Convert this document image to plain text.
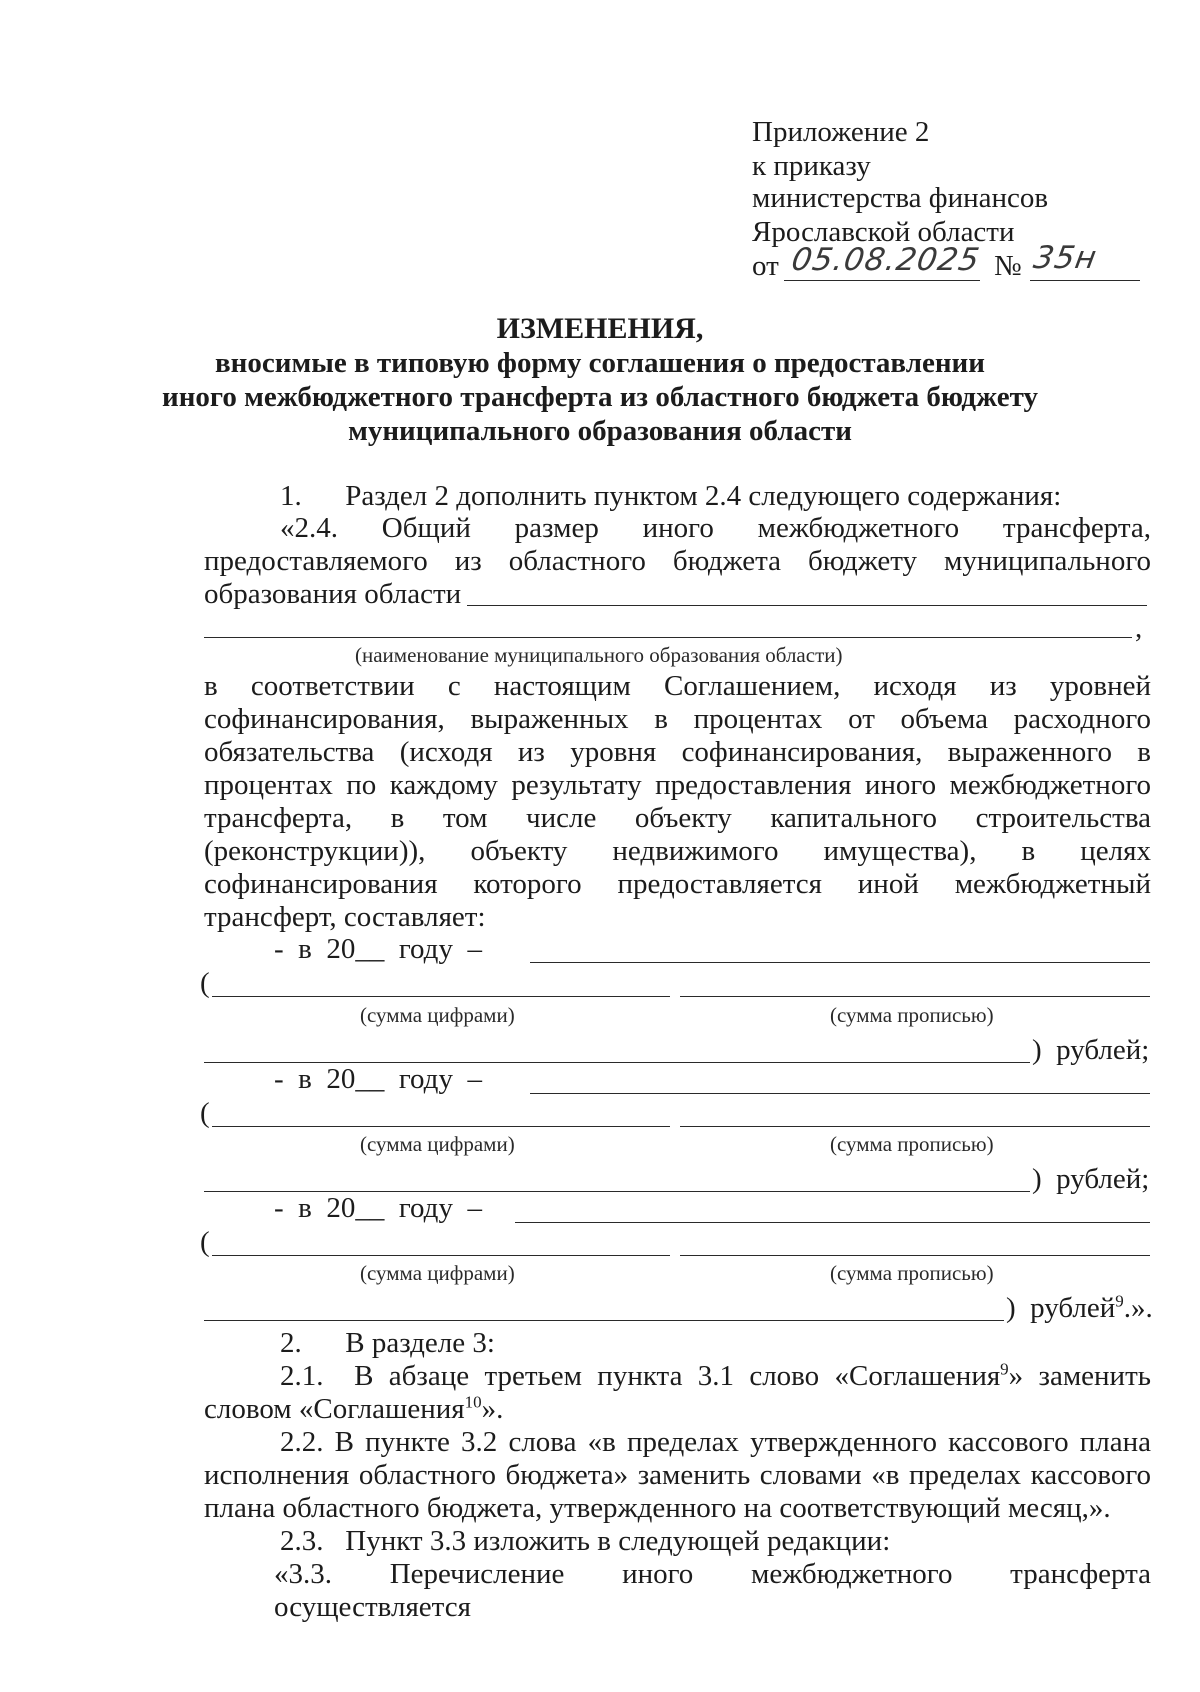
Приложение 2
к приказу
министерства финансов
Ярославской области
от 05.08.2025 № 35н
ИЗМЕНЕНИЯ,
вносимые в типовую форму соглашения о предоставлении
иного межбюджетного трансферта из областного бюджета бюджету
муниципального образования области
1.      Раздел 2 дополнить пунктом 2.4 следующего содержания:
«2.4. Общий размер иного межбюджетного трансферта,
предоставляемого из областного бюджета бюджету муниципального
образования области
,
(наименование муниципального образования области)
в соответствии с настоящим Соглашением, исходя из уровней
софинансирования, выраженных в процентах от объема расходного
обязательства (исходя из уровня софинансирования, выраженного в
процентах по каждому результату предоставления иного межбюджетного
трансферта, в том числе объекту капитального строительства
(реконструкции)), объекту недвижимого имущества), в целях
софинансирования которого предоставляется иной межбюджетный
трансферт, составляет:
-  в  20__  году  –
(
(сумма цифрами)	(сумма прописью)
)  рублей;
-  в  20__  году  –
(
(сумма цифрами)	(сумма прописью)
)  рублей;
-  в  20__  году  –
(
(сумма цифрами)	(сумма прописью)
)  рублей$^9$.».
2.      В разделе 3:
2.1.  В абзаце третьем пункта 3.1 слово «Соглашения$^9$» заменить
словом «Соглашения$^{10}$».
2.2. В пункте 3.2 слова «в пределах утвержденного кассового плана
исполнения областного бюджета» заменить словами «в пределах кассового
плана областного бюджета, утвержденного на соответствующий месяц,».
2.3.   Пункт 3.3 изложить в следующей редакции:
«3.3. Перечисление иного межбюджетного трансферта осуществляется
